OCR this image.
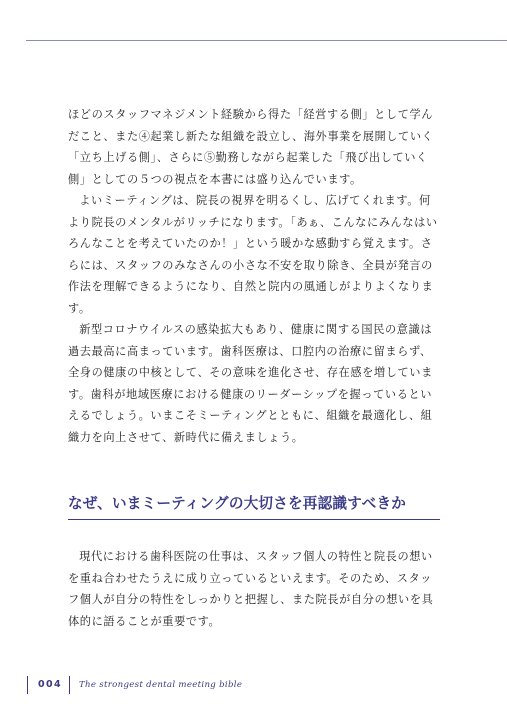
ほどのスタッフマネジメント経験から得た「経営する側」として学んだこと、また④起業し新たな組織を設立し、海外事業を展開していく「立ち上げる側」、さらに⑤勤務しながら起業した「飛び出していく側」としての５つの視点を本書には盛り込んでいます。

よいミーティングは、院長の視界を明るくし、広げてくれます。何より院長のメンタルがリッチになります。「あぁ、こんなにみんなはいろんなことを考えていたのか！」という暖かな感動すら覚えます。さらには、スタッフのみなさんの小さな不安を取り除き、全員が発言の作法を理解できるようになり、自然と院内の風通しがよりよくなります。

新型コロナウイルスの感染拡大もあり、健康に関する国民の意識は過去最高に高まっています。歯科医療は、口腔内の治療に留まらず、全身の健康の中核として、その意味を進化させ、存在感を増しています。歯科が地域医療における健康のリーダーシップを握っているといえるでしょう。いまこそミーティングとともに、組織を最適化し、組織力を向上させて、新時代に備えましょう。

なぜ、いまミーティングの大切さを再認識すべきか

現代における歯科医院の仕事は、スタッフ個人の特性と院長の想いを重ね合わせたうえに成り立っているといえます。そのため、スタッフ個人が自分の特性をしっかりと把握し、また院長が自分の想いを具体的に語ることが重要です。

004 The strongest dental meeting bible
